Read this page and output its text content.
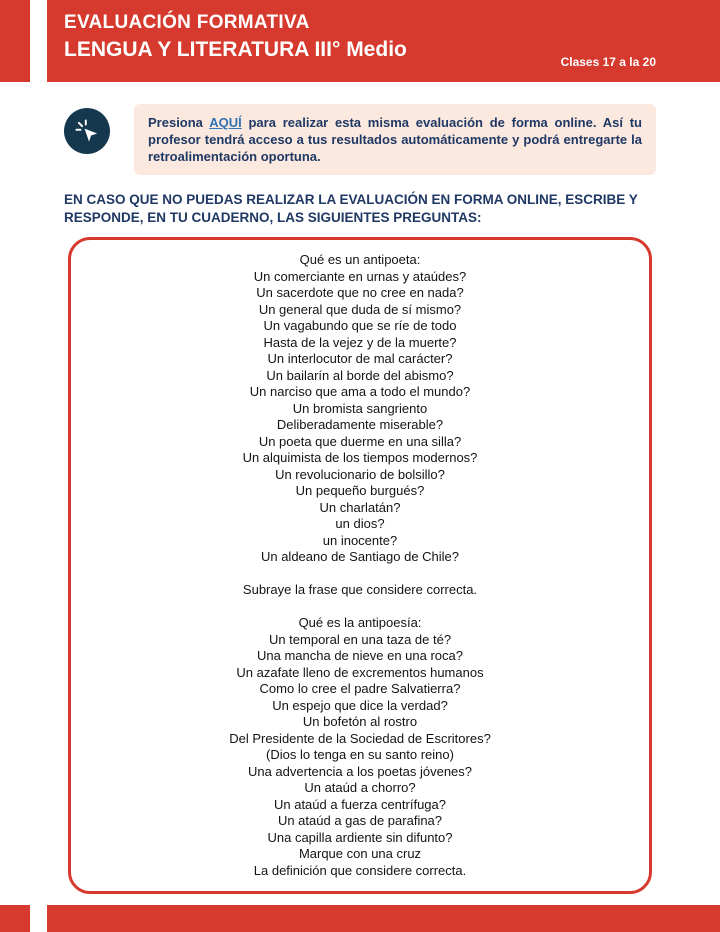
EVALUACIÓN FORMATIVA
LENGUA Y LITERATURA III° Medio
Clases 17 a la 20
Presiona AQUÍ para realizar esta misma evaluación de forma online. Así tu profesor tendrá acceso a tus resultados automáticamente y podrá entregarte la retroalimentación oportuna.
EN CASO QUE NO PUEDAS REALIZAR LA EVALUACIÓN EN FORMA ONLINE, ESCRIBE Y RESPONDE, EN TU CUADERNO, LAS SIGUIENTES PREGUNTAS:
Qué es un antipoeta:
Un comerciante en urnas y ataúdes?
Un sacerdote que no cree en nada?
Un general que duda de sí mismo?
Un vagabundo que se ríe de todo
Hasta de la vejez y de la muerte?
Un interlocutor de mal carácter?
Un bailarín al borde del abismo?
Un narciso que ama a todo el mundo?
Un bromista sangriento
Deliberadamente miserable?
Un poeta que duerme en una silla?
Un alquimista de los tiempos modernos?
Un revolucionario de bolsillo?
Un pequeño burgués?
Un charlatán?
un dios?
un inocente?
Un aldeano de Santiago de Chile?

Subraye la frase que considere correcta.

Qué es la antipoesía:
Un temporal en una taza de té?
Una mancha de nieve en una roca?
Un azafate lleno de excrementos humanos
Como lo cree el padre Salvatierra?
Un espejo que dice la verdad?
Un bofetón al rostro
Del Presidente de la Sociedad de Escritores?
(Dios lo tenga en su santo reino)
Una advertencia a los poetas jóvenes?
Un ataúd a chorro?
Un ataúd a fuerza centrífuga?
Un ataúd a gas de parafina?
Una capilla ardiente sin difunto?
Marque con una cruz
La definición que considere correcta.
